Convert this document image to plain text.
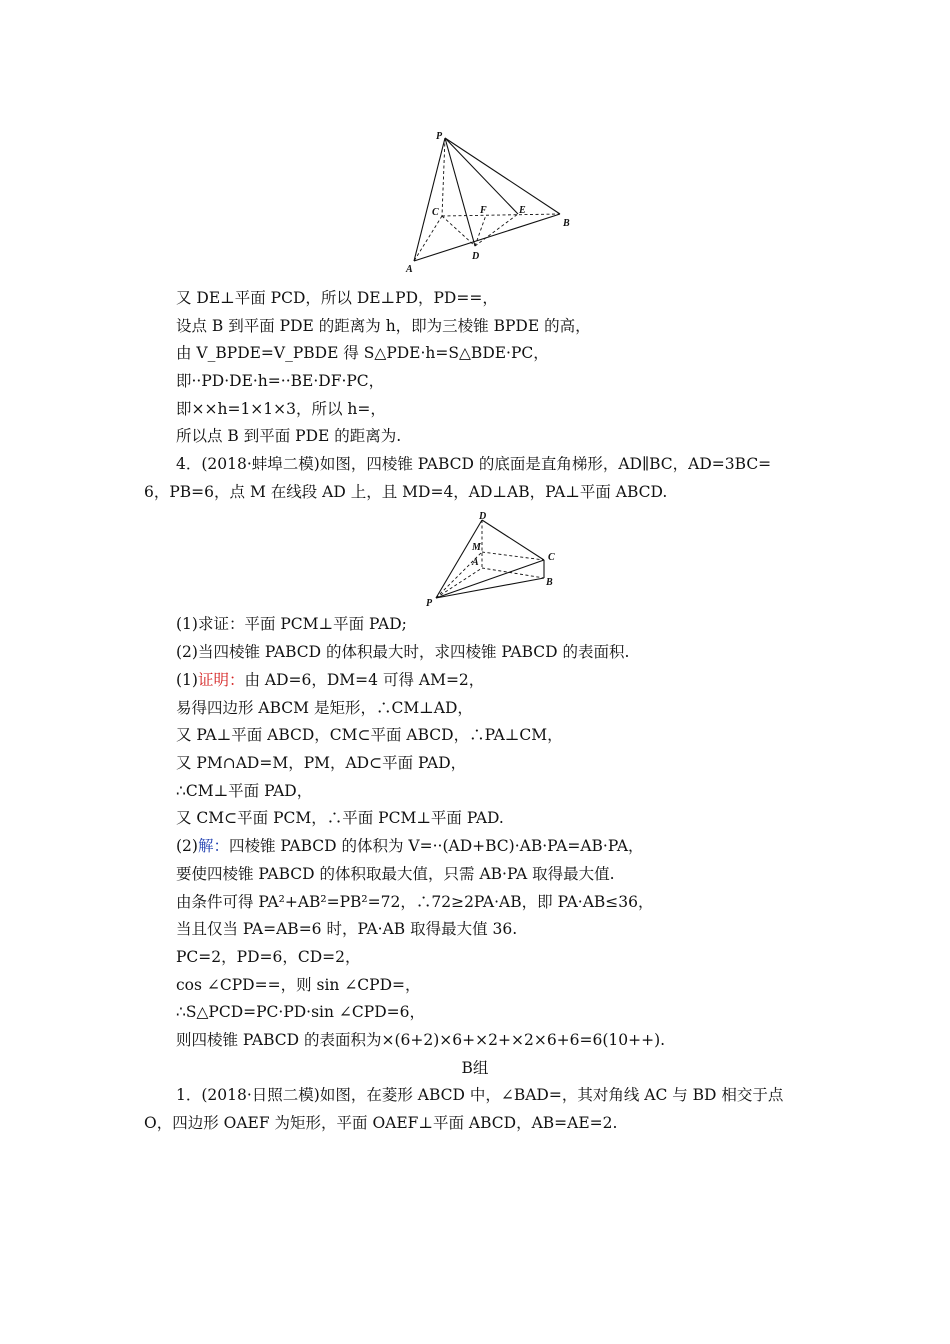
P
A
B
C
D
E
F
又 DE⊥平面 PCD，所以 DE⊥PD，PD==，
设点 B 到平面 PDE 的距离为 h，即为三棱锥 BPDE 的高，
由 V_BPDE=V_PBDE 得 S△PDE·h=S△BDE·PC，
即··PD·DE·h=··BE·DF·PC，
即××h=1×1×3，所以 h=，
所以点 B 到平面 PDE 的距离为.
4．(2018·蚌埠二模)如图，四棱锥 PABCD 的底面是直角梯形，AD∥BC，AD=3BC=
6，PB=6，点 M 在线段 AD 上，且 MD=4，AD⊥AB，PA⊥平面 ABCD.
D
M
A	C
B
P
(1)求证：平面 PCM⊥平面 PAD;
(2)当四棱锥 PABCD 的体积最大时，求四棱锥 PABCD 的表面积.
(1)证明：由 AD=6，DM=4 可得 AM=2，
易得四边形 ABCM 是矩形，∴CM⊥AD，
又 PA⊥平面 ABCD，CM⊂平面 ABCD，∴PA⊥CM，
又 PM∩AD=M，PM，AD⊂平面 PAD，
∴CM⊥平面 PAD，
又 CM⊂平面 PCM，∴平面 PCM⊥平面 PAD.
(2)解：四棱锥 PABCD 的体积为 V=··(AD+BC)·AB·PA=AB·PA，
要使四棱锥 PABCD 的体积取最大值，只需 AB·PA 取得最大值.
由条件可得 PA²+AB²=PB²=72，∴72≥2PA·AB，即 PA·AB≤36，
当且仅当 PA=AB=6 时，PA·AB 取得最大值 36.
PC=2，PD=6，CD=2，
cos ∠CPD==，则 sin ∠CPD=，
∴S△PCD=PC·PD·sin ∠CPD=6，
则四棱锥 PABCD 的表面积为×(6+2)×6+×2+×2×6+6=6(10++).
B组
1．(2018·日照二模)如图，在菱形 ABCD 中，∠BAD=，其对角线 AC 与 BD 相交于点
O，四边形 OAEF 为矩形，平面 OAEF⊥平面 ABCD，AB=AE=2.
